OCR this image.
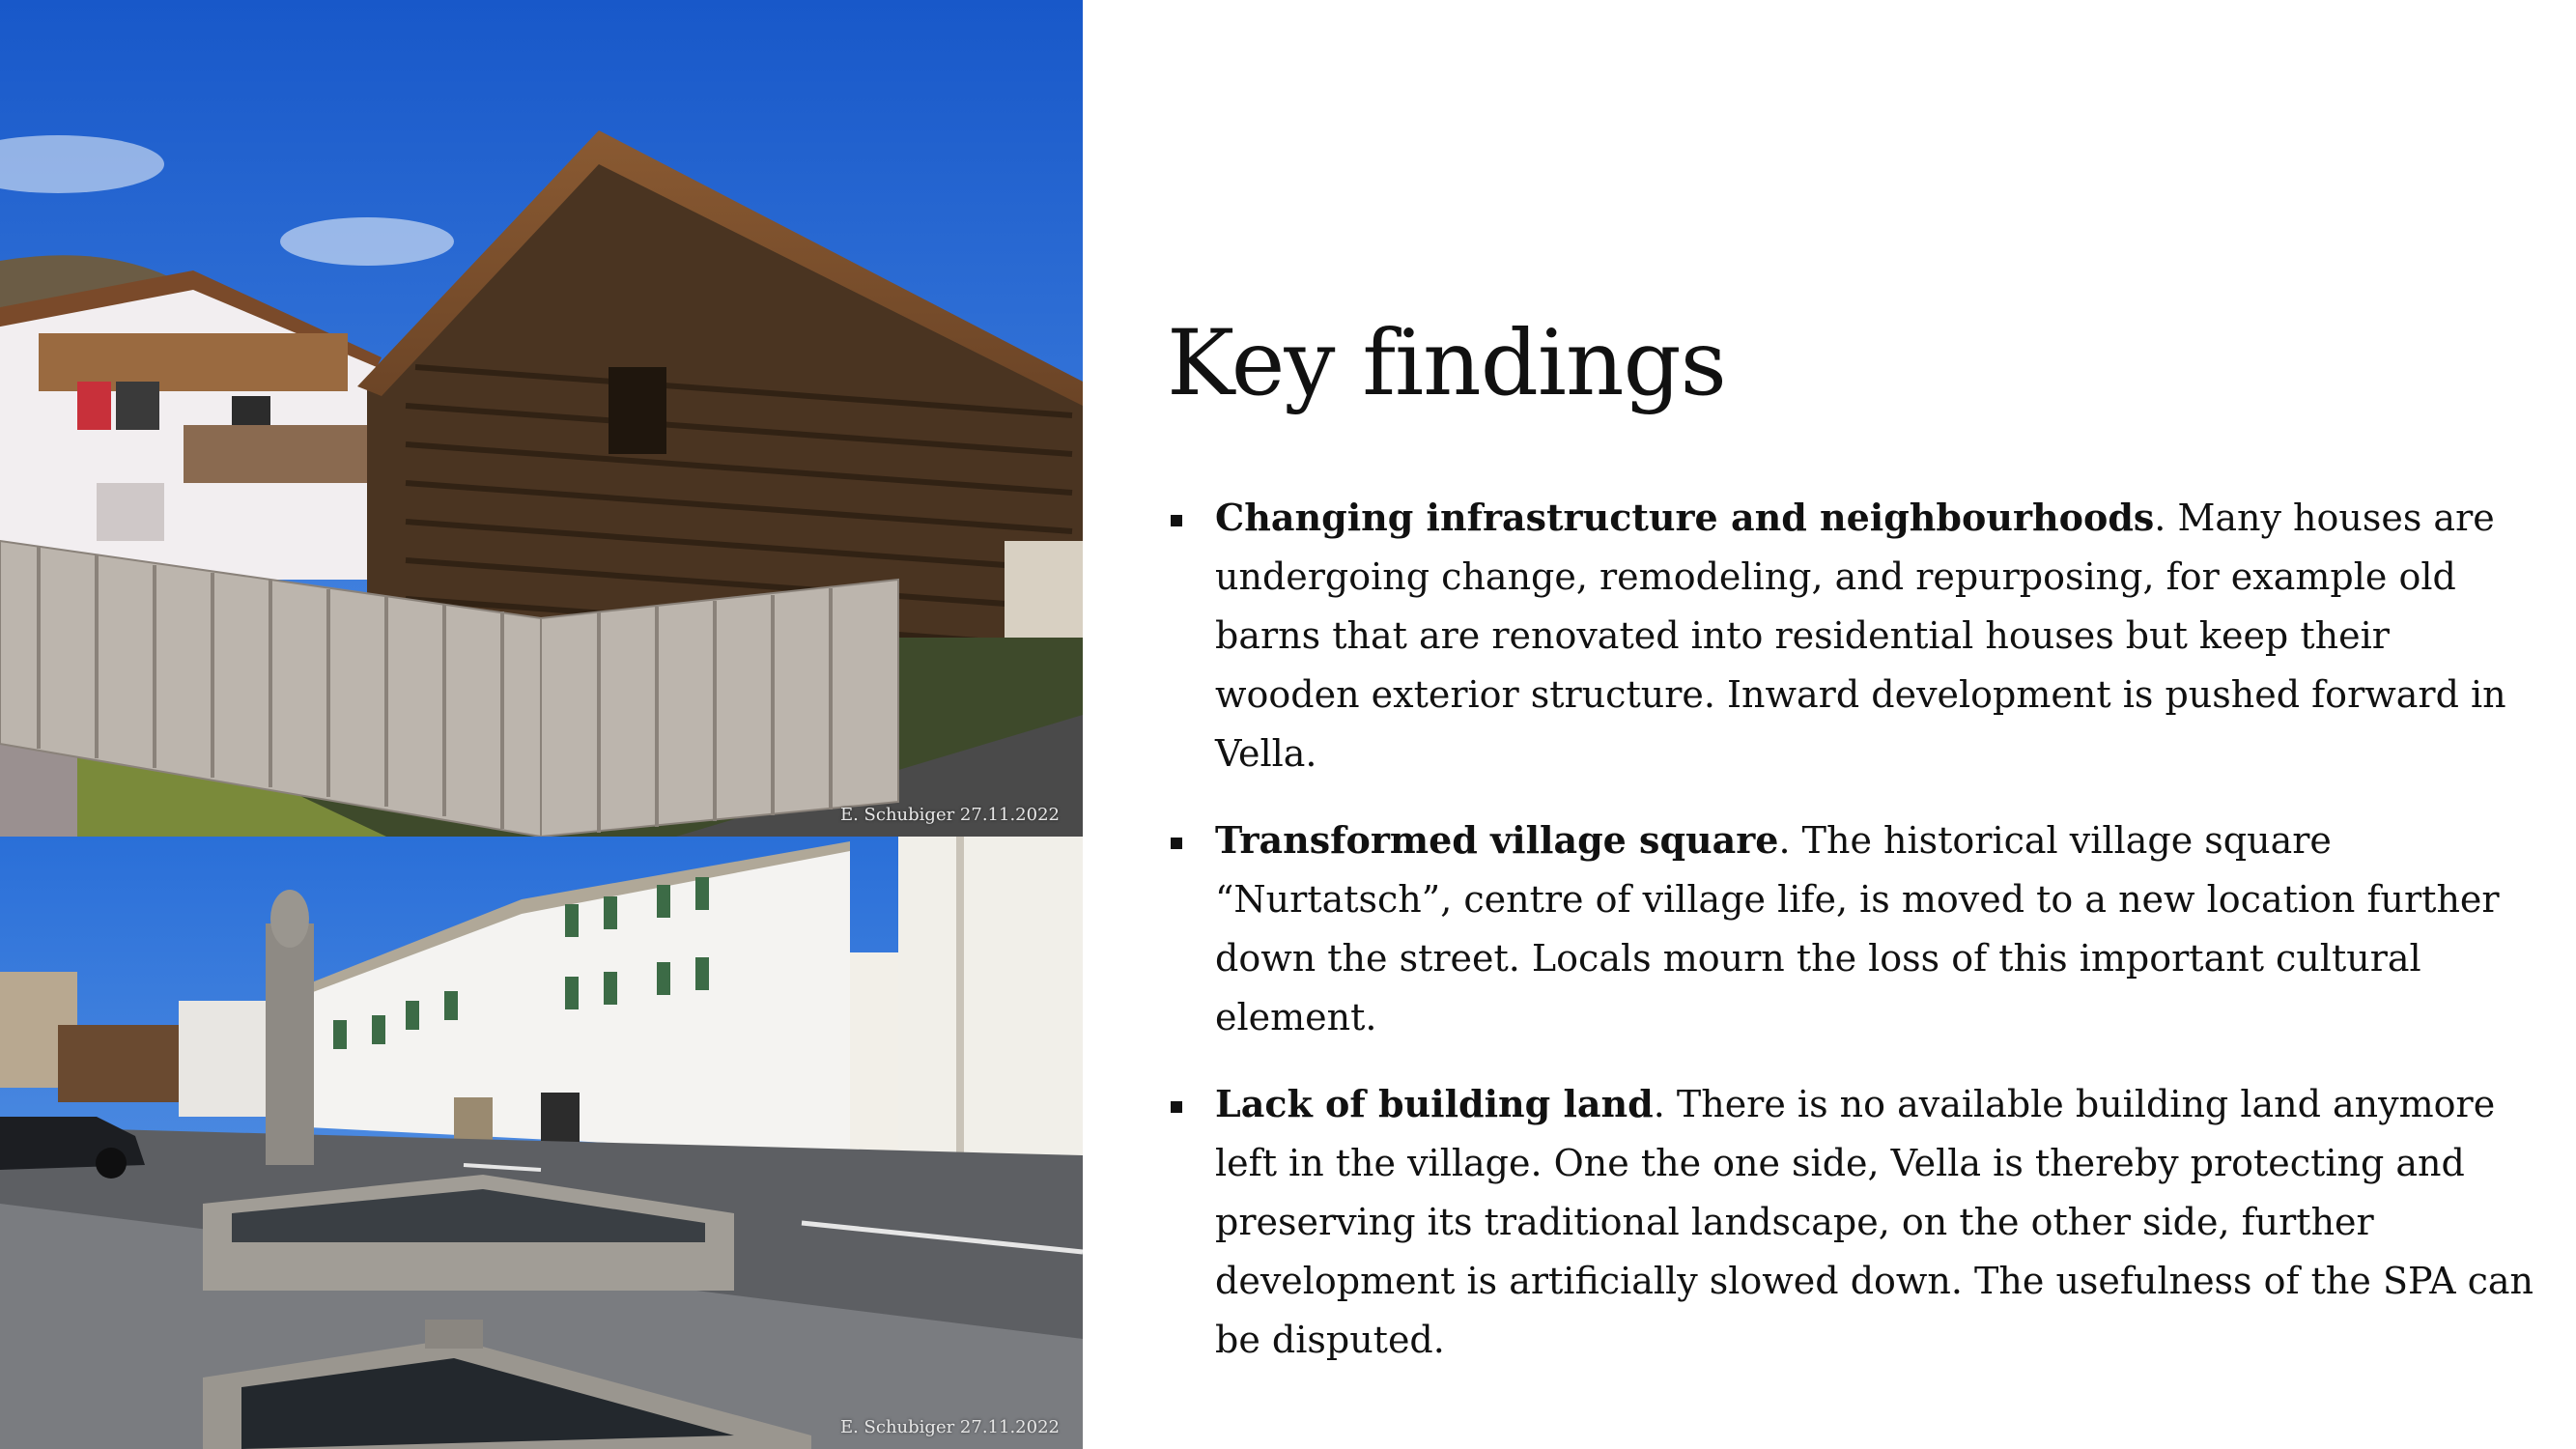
E. Schubiger 27.11.2022
E. Schubiger 27.11.2022
Key findings
Changing infrastructure and neighbourhoods. Many houses are undergoing change, remodeling, and repurposing, for example old barns that are renovated into residential houses but keep their wooden exterior structure. Inward development is pushed forward in Vella.
Transformed village square. The historical village square “Nurtatsch”, centre of village life, is moved to a new location further down the street. Locals mourn the loss of this important cultural element.
Lack of building land. There is no available building land anymore left in the village. One the one side, Vella is thereby protecting and preserving its traditional landscape, on the other side, further development is artificially slowed down. The usefulness of the SPA can be disputed.
